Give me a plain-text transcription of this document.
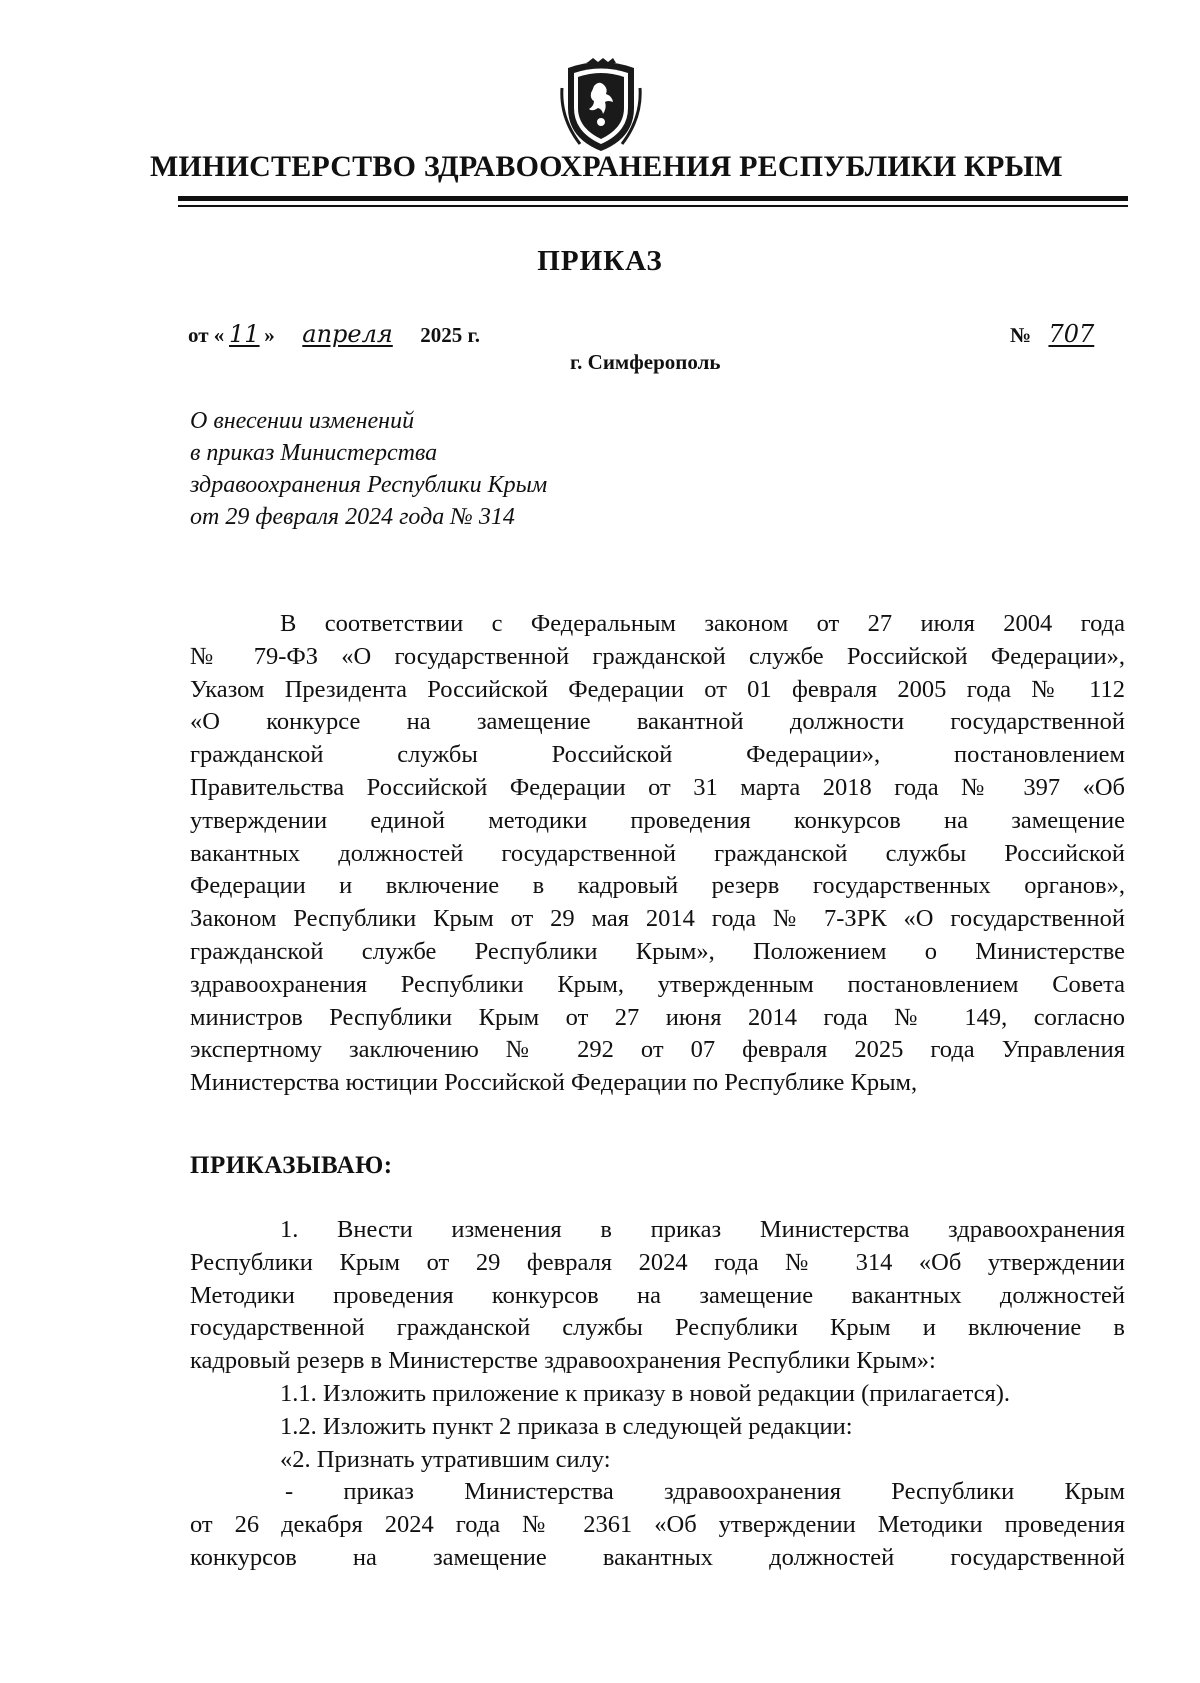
МИНИСТЕРСТВО ЗДРАВООХРАНЕНИЯ РЕСПУБЛИКИ КРЫМ
ПРИКАЗ
от « 11 » апреля 2025 г.	№ 707
г. Симферополь
О внесении изменений
в приказ Министерства
здравоохранения Республики Крым
от 29 февраля 2024 года № 314
В соответствии с Федеральным законом от 27 июля 2004 года
№ 79-ФЗ «О государственной гражданской службе Российской Федерации»,
Указом Президента Российской Федерации от 01 февраля 2005 года № 112
«О конкурсе на замещение вакантной должности государственной
гражданской службы Российской Федерации», постановлением
Правительства Российской Федерации от 31 марта 2018 года № 397 «Об
утверждении единой методики проведения конкурсов на замещение
вакантных должностей государственной гражданской службы Российской
Федерации и включение в кадровый резерв государственных органов»,
Законом Республики Крым от 29 мая 2014 года № 7-ЗРК «О государственной
гражданской службе Республики Крым», Положением о Министерстве
здравоохранения Республики Крым, утвержденным постановлением Совета
министров Республики Крым от 27 июня 2014 года № 149, согласно
экспертному заключению № 292 от 07 февраля 2025 года Управления
Министерства юстиции Российской Федерации по Республике Крым,
ПРИКАЗЫВАЮ:
1. Внести изменения в приказ Министерства здравоохранения
Республики Крым от 29 февраля 2024 года № 314 «Об утверждении
Методики проведения конкурсов на замещение вакантных должностей
государственной гражданской службы Республики Крым и включение в
кадровый резерв в Министерстве здравоохранения Республики Крым»:
1.1. Изложить приложение к приказу в новой редакции (прилагается).
1.2. Изложить пункт 2 приказа в следующей редакции:
«2. Признать утратившим силу:
- приказ Министерства здравоохранения Республики Крым
от 26 декабря 2024 года № 2361 «Об утверждении Методики проведения
конкурсов на замещение вакантных должностей государственной
